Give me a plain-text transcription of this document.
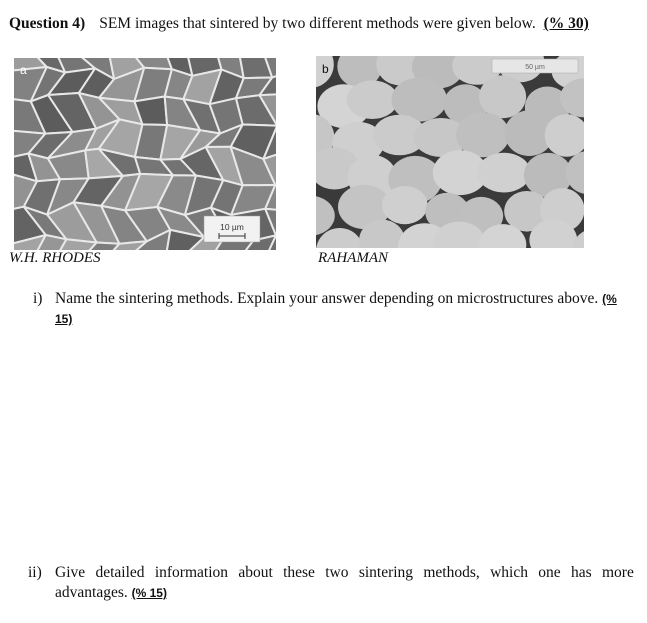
Question 4) SEM images that sintered by two different methods were given below. (% 30)
10 µm
a	50 µm
b
W.H. RHODES	RAHAMAN
i) Name the sintering methods. Explain your answer depending on microstructures above. (%
15)
ii) Give detailed information about these two sintering methods, which one has more
advantages. (% 15)
